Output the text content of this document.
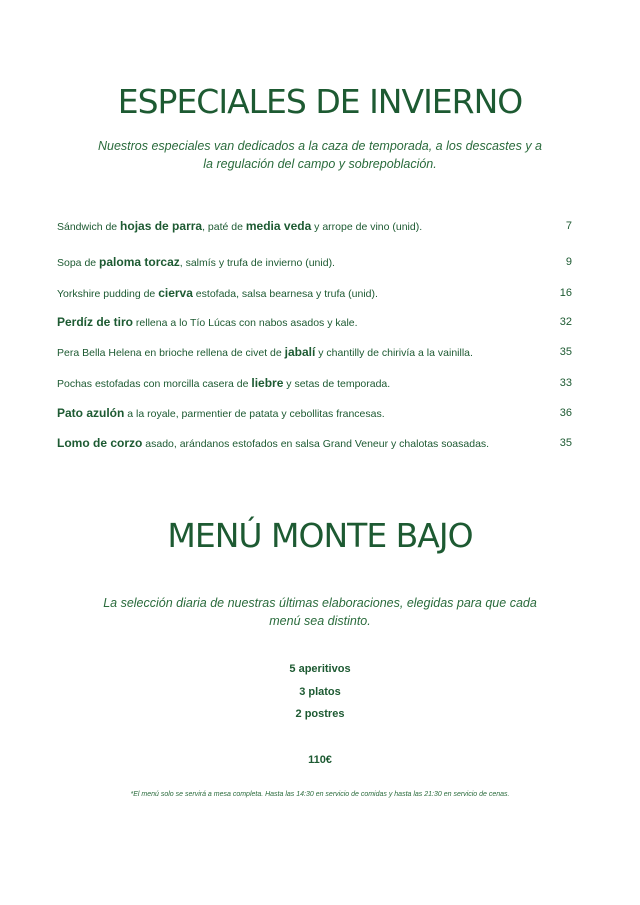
ESPECIALES DE INVIERNO

Nuestros especiales van dedicados a la caza de temporada, a los descastes y a la regulación del campo y sobrepoblación.

Sándwich de hojas de parra, paté de media veda y arrope de vino (unid).	7
Sopa de paloma torcaz, salmís y trufa de invierno (unid).	9
Yorkshire pudding de cierva estofada, salsa bearnesa y trufa (unid).	16
Perdíz de tiro rellena a lo Tío Lúcas con nabos asados y kale.	32
Pera Bella Helena en brioche rellena de civet de jabalí y chantilly de chirivía a la vainilla.	35
Pochas estofadas con morcilla casera de liebre y setas de temporada.	33
Pato azulón a la royale, parmentier de patata y cebollitas francesas.	36
Lomo de corzo asado, arándanos estofados en salsa Grand Veneur y chalotas soasadas.	35
MENÚ MONTE BAJO

La selección diaria de nuestras últimas elaboraciones, elegidas para que cada menú sea distinto.

5 aperitivos

3 platos

2 postres

110€

*El menú solo se servirá a mesa completa. Hasta las 14:30 en servicio de comidas y hasta las 21:30 en servicio de cenas.
